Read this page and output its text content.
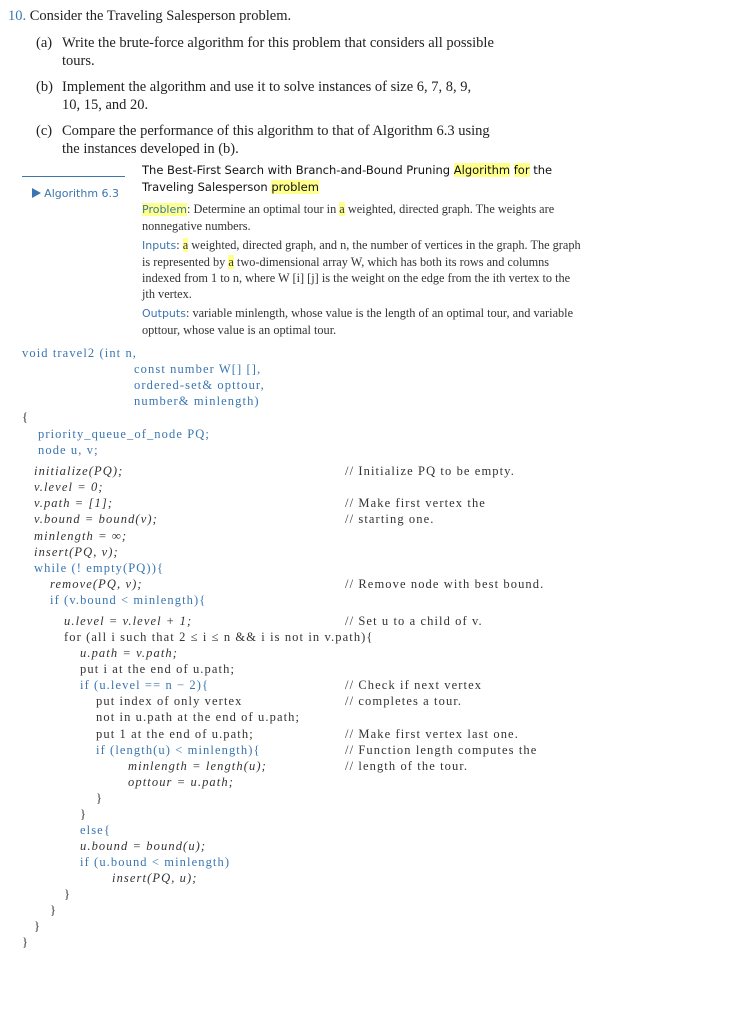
10. Consider the Traveling Salesperson problem.
(a) Write the brute-force algorithm for this problem that considers all possible tours.
(b) Implement the algorithm and use it to solve instances of size 6, 7, 8, 9, 10, 15, and 20.
(c) Compare the performance of this algorithm to that of Algorithm 6.3 using the instances developed in (b).

Algorithm 6.3

The Best-First Search with Branch-and-Bound Pruning Algorithm for the Traveling Salesperson problem
Problem: Determine an optimal tour in a weighted, directed graph. The weights are nonnegative numbers.
Inputs: a weighted, directed graph, and n, the number of vertices in the graph. The graph is represented by a two-dimensional array W, which has both its rows and columns indexed from 1 to n, where W [i] [j] is the weight on the edge from the ith vertex to the jth vertex.
Outputs: variable minlength, whose value is the length of an optimal tour, and variable opttour, whose value is an optimal tour.
void travel2 (int n,
const number W[] [],
ordered-set& opttour,
number& minlength)
{
priority_queue_of_node PQ;
node u, v;
initialize(PQ);	// Initialize PQ to be empty.
v.level = 0;
v.path = [1];	// Make first vertex the
v.bound = bound(v);	// starting one.
minlength = ∞;
insert(PQ, v);
while (! empty(PQ)){
remove(PQ, v);	// Remove node with best bound.
if (v.bound < minlength){
u.level = v.level + 1;	// Set u to a child of v.
for (all i such that 2 ≤ i ≤ n && i is not in v.path){
u.path = v.path;
put i at the end of u.path;
if (u.level == n − 2){	// Check if next vertex
put index of only vertex	// completes a tour.
not in u.path at the end of u.path;
put 1 at the end of u.path;	// Make first vertex last one.
if (length(u) < minlength){	// Function length computes the
minlength = length(u);	// length of the tour.
opttour = u.path;
}
}
else{
u.bound = bound(u);
if (u.bound < minlength)
insert(PQ, u);
}
}
}
}
